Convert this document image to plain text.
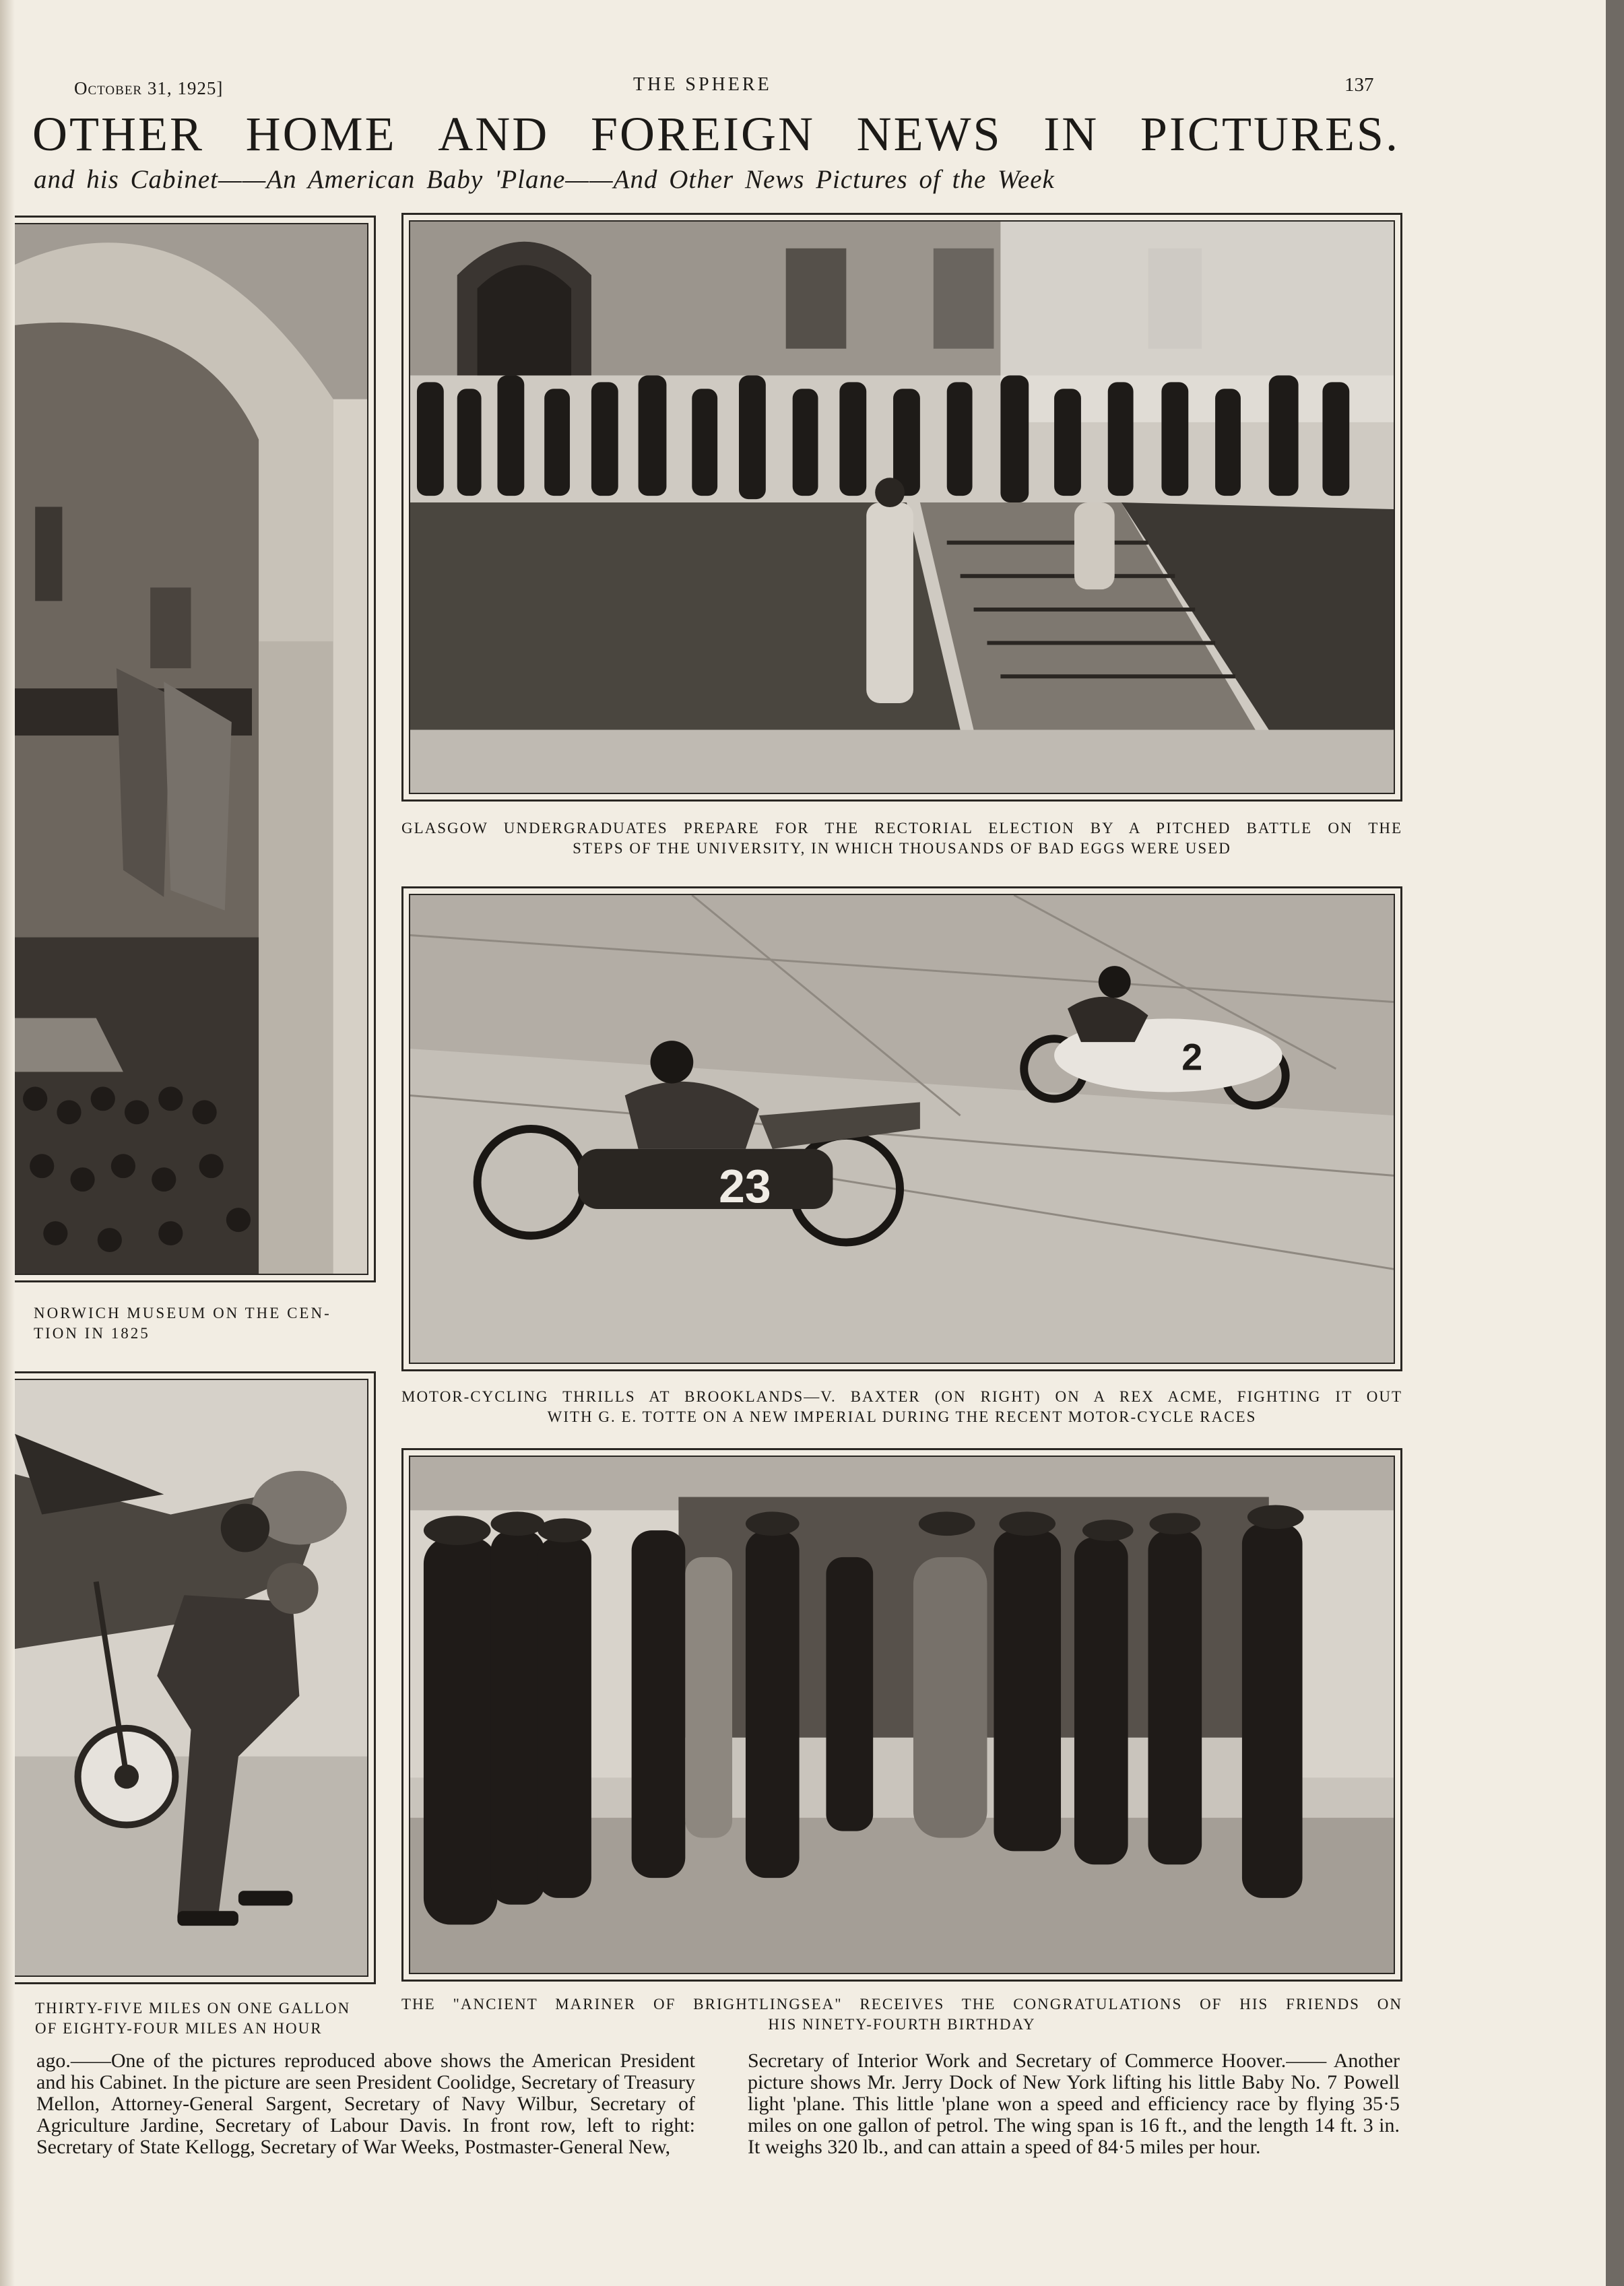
October 31, 1925]	THE SPHERE	137
OTHER HOME AND FOREIGN NEWS IN PICTURES.
and his Cabinet——An American Baby 'Plane——And Other News Pictures of the Week
NORWICH MUSEUM ON THE CEN-
TION IN 1825
GLASGOW UNDERGRADUATES PREPARE FOR THE RECTORIAL ELECTION BY A PITCHED BATTLE ON THE
STEPS OF THE UNIVERSITY, IN WHICH THOUSANDS OF BAD EGGS WERE USED
23
2
MOTOR-CYCLING THRILLS AT BROOKLANDS—V. BAXTER (ON RIGHT) ON A REX ACME, FIGHTING IT OUT
WITH G. E. TOTTE ON A NEW IMPERIAL DURING THE RECENT MOTOR-CYCLE RACES
THIRTY-FIVE MILES ON ONE GALLON
OF EIGHTY-FOUR MILES AN HOUR
THE "ANCIENT MARINER OF BRIGHTLINGSEA" RECEIVES THE CONGRATULATIONS OF HIS FRIENDS ON
HIS NINETY-FOURTH BIRTHDAY
ago.——One of the pictures reproduced above shows the American President and his Cabinet. In the picture are seen President Coolidge, Secretary of Treasury Mellon, Attorney-General Sargent, Secretary of Navy Wilbur, Secretary of Agriculture Jardine, Secretary of Labour Davis. In front row, left to right: Secretary of State Kellogg, Secretary of War Weeks, Postmaster-General New,
Secretary of Interior Work and Secretary of Commerce Hoover.—— Another picture shows Mr. Jerry Dock of New York lifting his little Baby No. 7 Powell light 'plane. This little 'plane won a speed and efficiency race by flying 35·5 miles on one gallon of petrol. The wing span is 16 ft., and the length 14 ft. 3 in. It weighs 320 lb., and can attain a speed of 84·5 miles per hour.
